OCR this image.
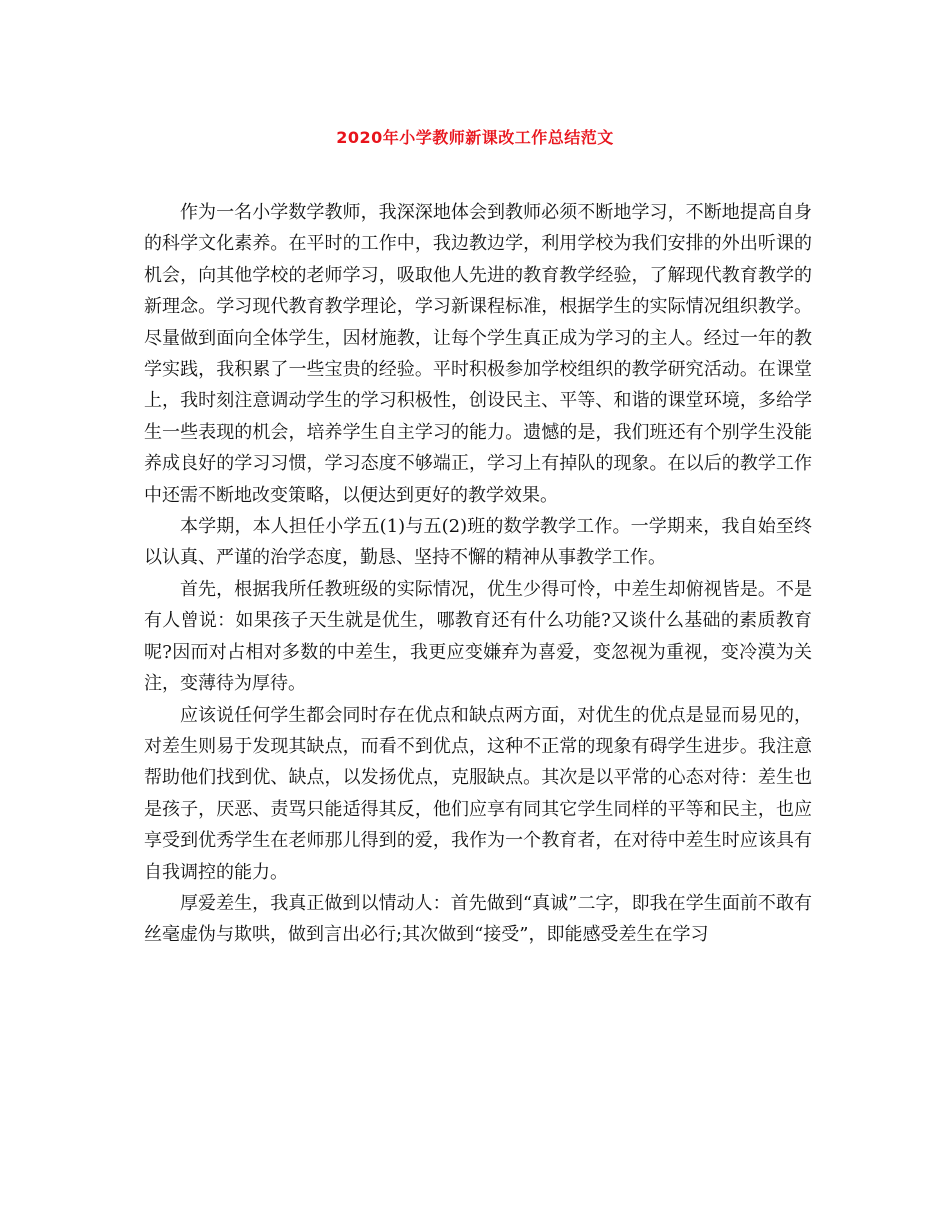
2020年小学教师新课改工作总结范文

作为一名小学数学教师，我深深地体会到教师必须不断地学习，不断地提高自身的科学文化素养。在平时的工作中，我边教边学，利用学校为我们安排的外出听课的机会，向其他学校的老师学习，吸取他人先进的教育教学经验，了解现代教育教学的新理念。学习现代教育教学理论，学习新课程标准，根据学生的实际情况组织教学。尽量做到面向全体学生，因材施教，让每个学生真正成为学习的主人。经过一年的教学实践，我积累了一些宝贵的经验。平时积极参加学校组织的教学研究活动。在课堂上，我时刻注意调动学生的学习积极性，创设民主、平等、和谐的课堂环境，多给学生一些表现的机会，培养学生自主学习的能力。遗憾的是，我们班还有个别学生没能养成良好的学习习惯，学习态度不够端正，学习上有掉队的现象。在以后的教学工作中还需不断地改变策略，以便达到更好的教学效果。

本学期，本人担任小学五(1)与五(2)班的数学教学工作。一学期来，我自始至终以认真、严谨的治学态度，勤恳、坚持不懈的精神从事教学工作。

首先，根据我所任教班级的实际情况，优生少得可怜，中差生却俯视皆是。不是有人曾说：如果孩子天生就是优生，哪教育还有什么功能?又谈什么基础的素质教育呢?因而对占相对多数的中差生，我更应变嫌弃为喜爱，变忽视为重视，变冷漠为关注，变薄待为厚待。

应该说任何学生都会同时存在优点和缺点两方面，对优生的优点是显而易见的，对差生则易于发现其缺点，而看不到优点，这种不正常的现象有碍学生进步。我注意帮助他们找到优、缺点，以发扬优点，克服缺点。其次是以平常的心态对待：差生也是孩子，厌恶、责骂只能适得其反，他们应享有同其它学生同样的平等和民主，也应享受到优秀学生在老师那儿得到的爱，我作为一个教育者，在对待中差生时应该具有自我调控的能力。

厚爱差生，我真正做到以情动人：首先做到“真诚”二字，即我在学生面前不敢有丝毫虚伪与欺哄，做到言出必行;其次做到“接受”，即能感受差生在学习
